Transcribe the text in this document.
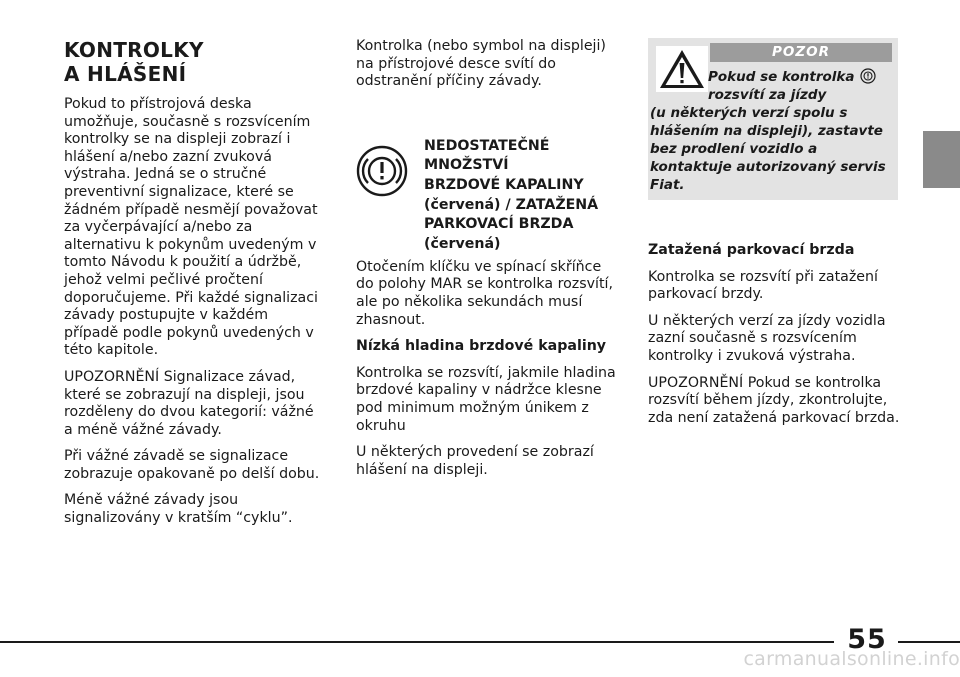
KONTROLKY
A HLÁŠENÍ

Pokud to přístrojová deska umožňuje, současně s rozsvícením kontrolky se na displeji zobrazí i hlášení a/nebo zazní zvuková výstraha. Jedná se o stručné preventivní signalizace, které se žádném případě nesmějí považovat za vyčerpávající a/nebo za alternativu k pokynům uvedeným v tomto Návodu k použití a údržbě, jehož velmi pečlivé pročtení doporučujeme. Při každé signalizaci závady postupujte v každém případě podle pokynů uvedených v této kapitole.

UPOZORNĚNÍ Signalizace závad, které se zobrazují na displeji, jsou rozděleny do dvou kategorií: vážné a méně vážné závady.

Při vážné závadě se signalizace zobrazuje opakovaně po delší dobu.

Méně vážné závady jsou signalizovány v kratším “cyklu”.

Kontrolka (nebo symbol na displeji) na přístrojové desce svítí do odstranění příčiny závady.

NEDOSTATEČNÉ
MNOŽSTVÍ
BRZDOVÉ KAPALINY
(červená) / ZATAŽENÁ
PARKOVACÍ BRZDA
(červená)

Otočením klíčku ve spínací skříňce do polohy MAR se kontrolka rozsvítí, ale po několika sekundách musí zhasnout.

Nízká hladina brzdové kapaliny

Kontrolka se rozsvítí, jakmile hladina brzdové kapaliny v nádržce klesne pod minimum možným únikem z okruhu

U některých provedení se zobrazí hlášení na displeji.

POZOR
Pokud se kontrolka
rozsvítí za jízdy
(u některých verzí spolu s
hlášením na displeji), zastavte
bez prodlení vozidlo a
kontaktuje autorizovaný servis
Fiat.

Zatažená parkovací brzda

Kontrolka se rozsvítí při zatažení parkovací brzdy.

U některých verzí za jízdy vozidla zazní současně s rozsvícením kontrolky i zvuková výstraha.

UPOZORNĚNÍ Pokud se kontrolka rozsvítí během jízdy, zkontrolujte, zda není zatažená parkovací brzda.

55
carmanualsonline.info
